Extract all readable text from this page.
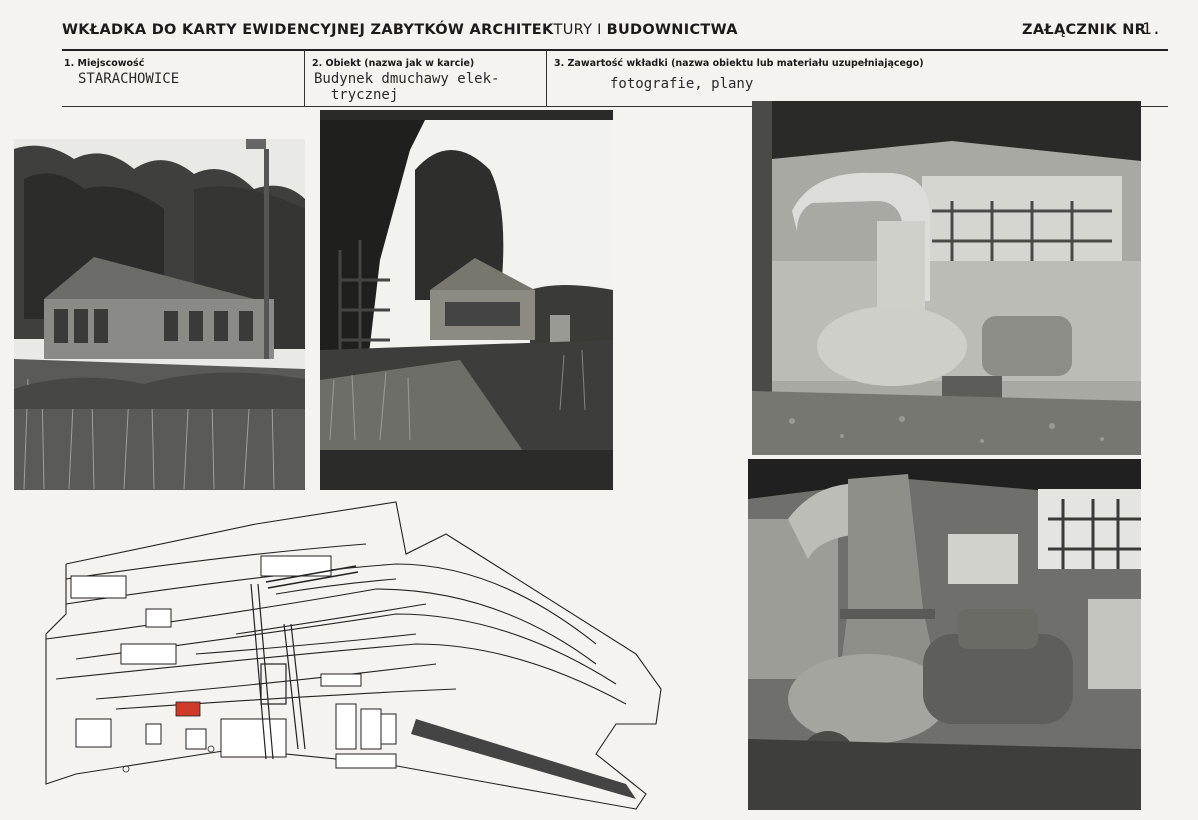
WKŁADKA DO KARTY EWIDENCYJNEJ ZABYTKÓW ARCHITEKTURY I BUDOWNICTWA	ZAŁĄCZNIK NR
1.
1. Miejscowość
STARACHOWICE
2. Obiekt (nazwa jak w karcie)
Budynek dmuchawy elek-
trycznej
3. Zawartość wkładki (nazwa obiektu lub materiału uzupełniającego)
fotografie, plany
